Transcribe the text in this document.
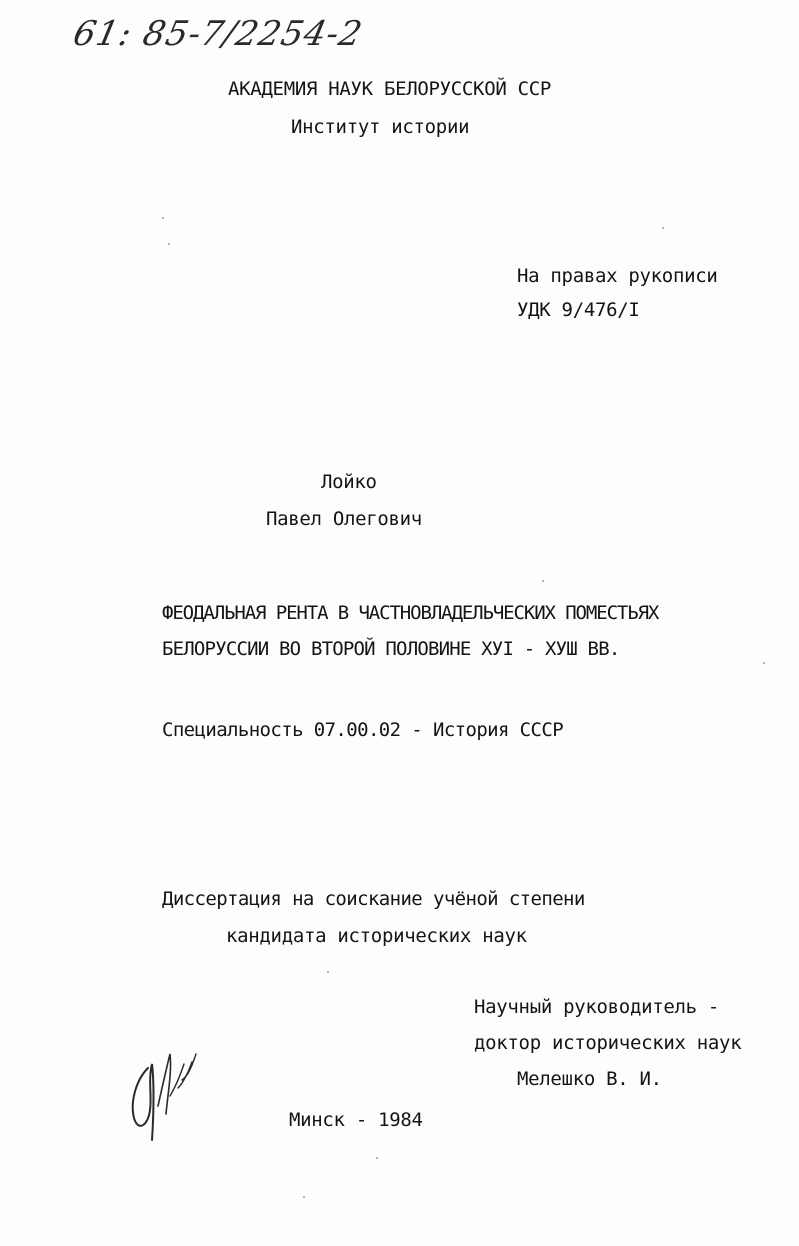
61: 85-7/2254-2
АКАДЕМИЯ НАУК БЕЛОРУССКОЙ ССР
Институт истории
На правах рукописи
УДК 9/476/I
Лойко
Павел Олегович
ФЕОДАЛЬНАЯ РЕНТА В ЧАСТНОВЛАДЕЛЬЧЕСКИХ ПОМЕСТЬЯХ
БЕЛОРУССИИ ВО ВТОРОЙ ПОЛОВИНЕ ХУI - ХУШ ВВ.
Специальность 07.00.02 - История СССР
Диссертация на соискание учёной степени
кандидата исторических наук
Научный руководитель -
доктор исторических наук
Мелешко В. И.
Минск - 1984
